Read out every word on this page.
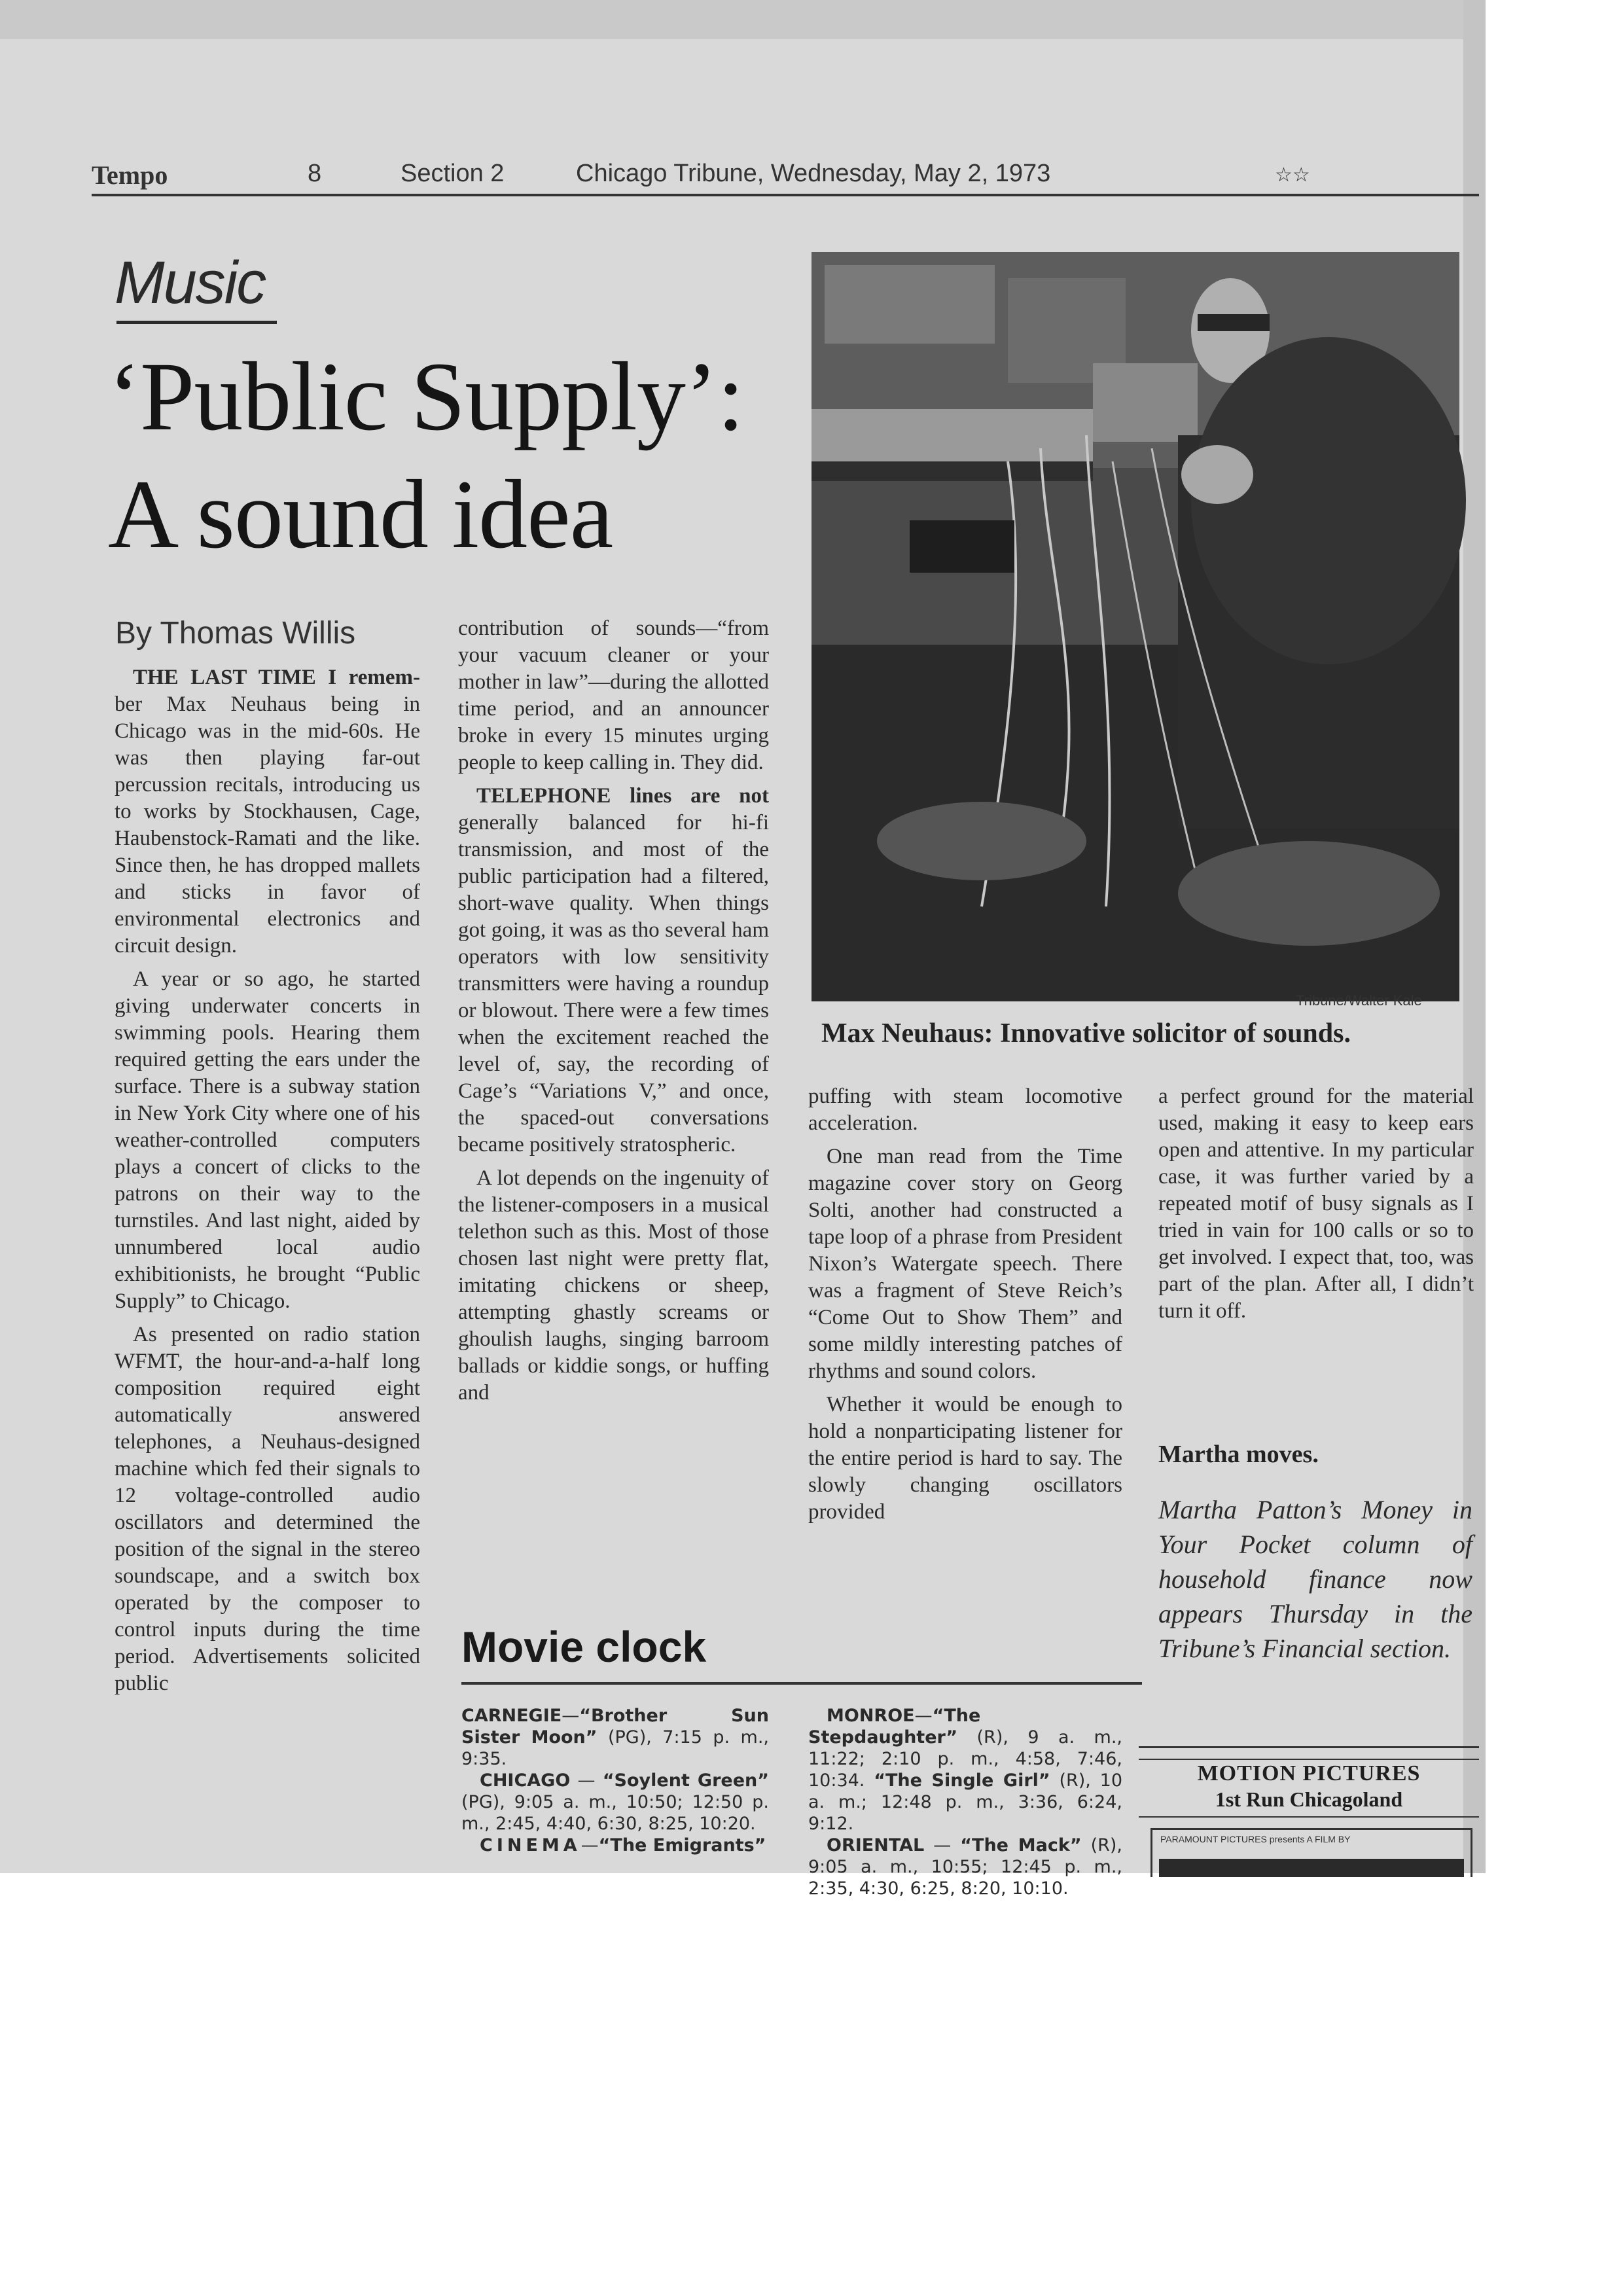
Tempo	8	Section 2	Chicago Tribune, Wednesday, May 2, 1973	☆☆
Music
‘Public Supply’:
A sound idea
By Thomas Willis

THE LAST TIME I remem- ber Max Neuhaus being in Chicago was in the mid-60s. He was then playing far-out percussion recitals, introducing us to works by Stockhausen, Cage, Haubenstock-Ramati and the like. Since then, he has dropped mallets and sticks in favor of environmental electronics and circuit design.

A year or so ago, he started giving underwater concerts in swimming pools. Hearing them required getting the ears under the surface. There is a subway station in New York City where one of his weather-controlled computers plays a concert of clicks to the patrons on their way to the turnstiles. And last night, aided by unnumbered local audio exhibitionists, he brought “Public Supply” to Chicago.

As presented on radio station WFMT, the hour-and-a-half long composition required eight automatically answered telephones, a Neuhaus-designed machine which fed their signals to 12 voltage-controlled audio oscillators and determined the position of the signal in the stereo soundscape, and a switch box operated by the composer to control inputs during the time period. Advertisements solicited public

contribution of sounds—“from your vacuum cleaner or your mother in law”—during the allotted time period, and an announcer broke in every 15 minutes urging people to keep calling in. They did.

TELEPHONE lines are not generally balanced for hi-fi transmission, and most of the public participation had a filtered, short-wave quality. When things got going, it was as tho several ham operators with low sensitivity transmitters were having a roundup or blowout. There were a few times when the excitement reached the level of, say, the recording of Cage’s “Variations V,” and once, the spaced-out conversations became positively stratospheric.

A lot depends on the ingenuity of the listener-composers in a musical telethon such as this. Most of those chosen last night were pretty flat, imitating chickens or sheep, attempting ghastly screams or ghoulish laughs, singing barroom ballads or kiddie songs, or huffing and

Tribune/Walter Kale
Max Neuhaus: Innovative solicitor of sounds.

puffing with steam locomotive acceleration.

One man read from the Time magazine cover story on Georg Solti, another had constructed a tape loop of a phrase from President Nixon’s Watergate speech. There was a fragment of Steve Reich’s “Come Out to Show Them” and some mildly interesting patches of rhythms and sound colors.

Whether it would be enough to hold a nonparticipating listener for the entire period is hard to say. The slowly changing oscillators provided

a perfect ground for the material used, making it easy to keep ears open and attentive. In my particular case, it was further varied by a repeated motif of busy signals as I tried in vain for 100 calls or so to get involved. I expect that, too, was part of the plan. After all, I didn’t turn it off.

Martha moves.
Martha Patton’s Money in Your Pocket column of household finance now appears Thursday in the Tribune’s Financial section.
Movie clock
CARNEGIE—“Brother Sun Sister Moon” (PG), 7:15 p. m., 9:35.
CHICAGO — “Soylent Green” (PG), 9:05 a. m., 10:50; 12:50 p. m., 2:45, 4:40, 6:30, 8:25, 10:20.
CINEMA—“The Emigrants”
MONROE—“The Stepdaughter” (R), 9 a. m., 11:22; 2:10 p. m., 4:58, 7:46, 10:34. “The Single Girl” (R), 10 a. m.; 12:48 p. m., 3:36, 6:24, 9:12.
ORIENTAL — “The Mack” (R), 9:05 a. m., 10:55; 12:45 p. m., 2:35, 4:30, 6:25, 8:20, 10:10.
MOTION PICTURES
1st Run Chicagoland
PARAMOUNT PICTURES presents A FILM BY
